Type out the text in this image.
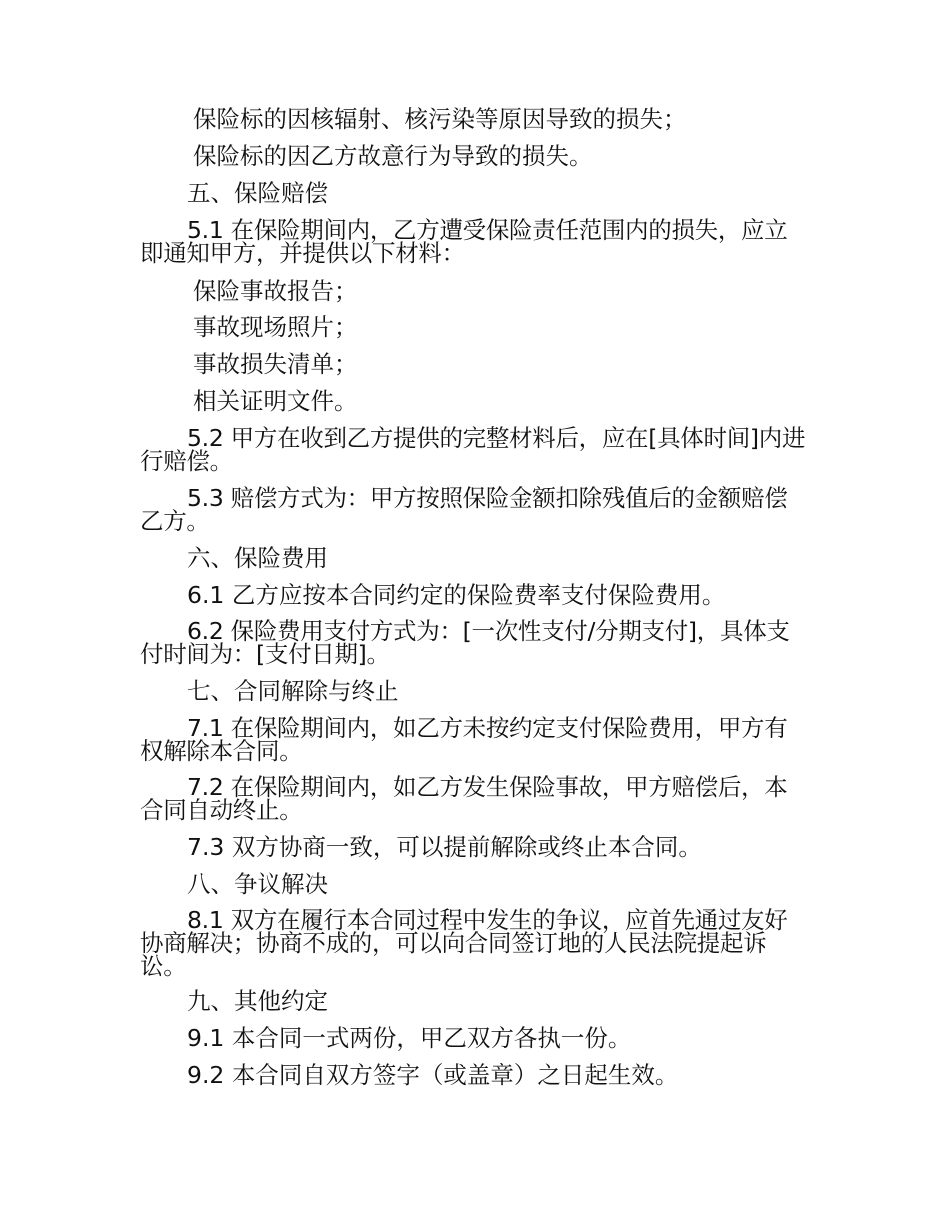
保险标的因核辐射、核污染等原因导致的损失；
保险标的因乙方故意行为导致的损失。
五、保险赔偿
5.1 在保险期间内，乙方遭受保险责任范围内的损失，应立即通知甲方，并提供以下材料：
保险事故报告；
事故现场照片；
事故损失清单；
相关证明文件。
5.2 甲方在收到乙方提供的完整材料后，应在[具体时间]内进行赔偿。
5.3 赔偿方式为：甲方按照保险金额扣除残值后的金额赔偿乙方。
六、保险费用
6.1 乙方应按本合同约定的保险费率支付保险费用。
6.2 保险费用支付方式为：[一次性支付/分期支付]，具体支付时间为：[支付日期]。
七、合同解除与终止
7.1 在保险期间内，如乙方未按约定支付保险费用，甲方有权解除本合同。
7.2 在保险期间内，如乙方发生保险事故，甲方赔偿后，本合同自动终止。
7.3 双方协商一致，可以提前解除或终止本合同。
八、争议解决
8.1 双方在履行本合同过程中发生的争议，应首先通过友好协商解决；协商不成的，可以向合同签订地的人民法院提起诉讼。
九、其他约定
9.1 本合同一式两份，甲乙双方各执一份。
9.2 本合同自双方签字（或盖章）之日起生效。
